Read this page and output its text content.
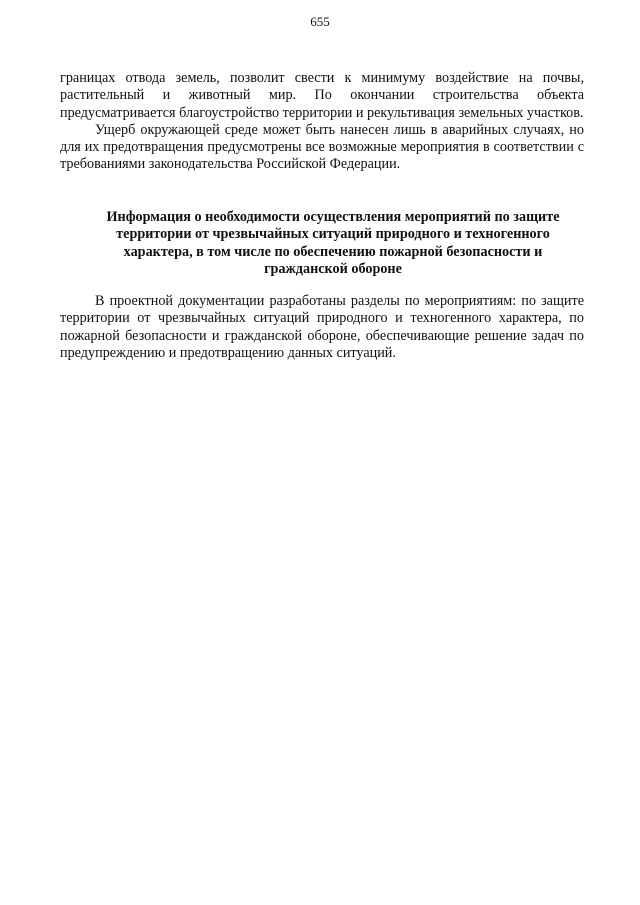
655

границах отвода земель, позволит свести к минимуму воздействие на почвы, растительный и животный мир. По окончании строительства объекта предусматривается благоустройство территории и рекультивация земельных участков.

Ущерб окружающей среде может быть нанесен лишь в аварийных случаях, но для их предотвращения предусмотрены все возможные мероприятия в соответствии с требованиями законодательства Российской Федерации.

Информация о необходимости осуществления мероприятий по защите территории от чрезвычайных ситуаций природного и техногенного характера, в том числе по обеспечению пожарной безопасности и гражданской обороне

В проектной документации разработаны разделы по мероприятиям: по защите территории от чрезвычайных ситуаций природного и техногенного характера, по пожарной безопасности и гражданской обороне, обеспечивающие решение задач по предупреждению и предотвращению данных ситуаций.
